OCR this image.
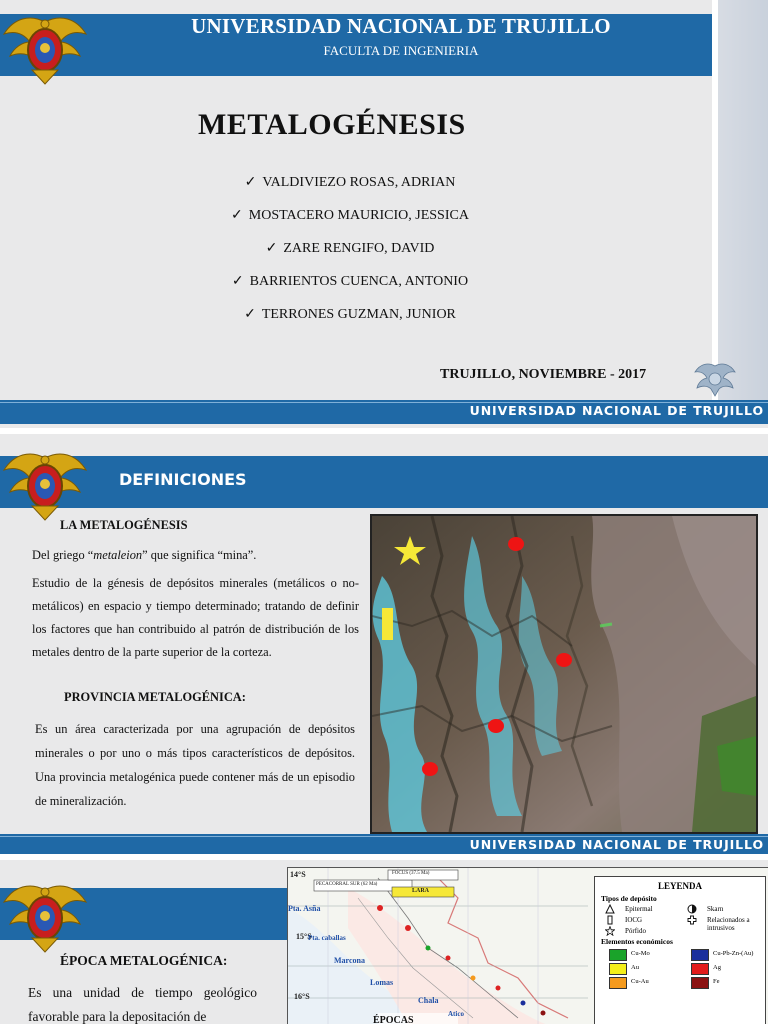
UNIVERSIDAD NACIONAL DE TRUJILLO
FACULTA DE INGENIERIA
METALOGÉNESIS
✓ VALDIVIEZO ROSAS, ADRIAN
✓ MOSTACERO MAURICIO, JESSICA
✓ ZARE RENGIFO, DAVID
✓ BARRIENTOS CUENCA, ANTONIO
✓ TERRONES GUZMAN, JUNIOR
TRUJILLO, NOVIEMBRE - 2017
UNIVERSIDAD NACIONAL DE TRUJILLO
DEFINICIONES
LA METALOGÉNESIS
Del griego “metaleion” que significa “mina”.
Estudio de la génesis de depósitos minerales (metálicos o no-metálicos) en espacio y tiempo determinado; tratando de definir los factores que han contribuido al patrón de distribución de los metales dentro de la parte superior de la corteza.
PROVINCIA METALOGÉNICA:
Es un área caracterizada por una agrupación de depósitos minerales o por uno o más tipos característicos de depósitos. Una provincia metalogénica puede contener más de un episodio de mineralización.
UNIVERSIDAD NACIONAL DE TRUJILLO
ÉPOCA METALOGÉNICA:
Es una unidad de tiempo geológico favorable para la depositación de
14°S
15°S
16°S
FOCUS (37.5 Ma)
PECACORRAL SUR (62 Ma)
LARA
Pta. Asña
Pta. caballas
Marcona
Lomas
Chala
Atico
ÉPOCAS
LEYENDA
Tipos de depósito
Epitermal
IOCG
Pórfido
Skarn
Relacionados a intrusivos
Elementos económicos
Cu-Mo
Au
Cu-Au
Cu-Pb-Zn-(Au)
Ag
Fe
